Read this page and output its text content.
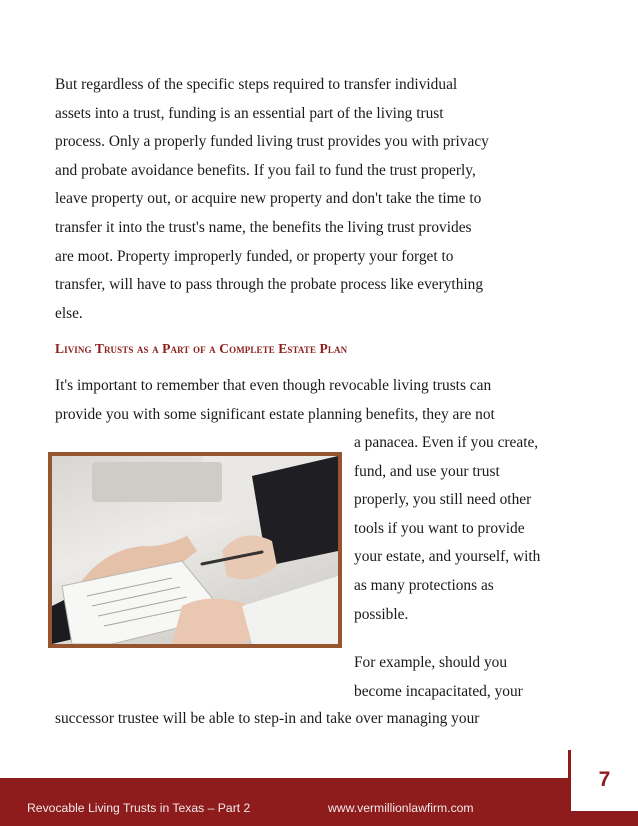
But regardless of the specific steps required to transfer individual
assets into a trust, funding is an essential part of the living trust
process. Only a properly funded living trust provides you with privacy
and probate avoidance benefits. If you fail to fund the trust properly,
leave property out, or acquire new property and don't take the time to
transfer it into the trust's name, the benefits the living trust provides
are moot. Property improperly funded, or property your forget to
transfer, will have to pass through the probate process like everything
else.
Living Trusts as a Part of a Complete Estate Plan
It's important to remember that even though revocable living trusts can
provide you with some significant estate planning benefits, they are not
a panacea. Even if you create,
fund, and use your trust
properly, you still need other
tools if you want to provide
your estate, and yourself, with
as many protections as
possible.
For example, should you
become incapacitated, your
successor trustee will be able to step-in and take over managing your
Revocable Living Trusts in Texas – Part 2	www.vermillionlawfirm.com
7
